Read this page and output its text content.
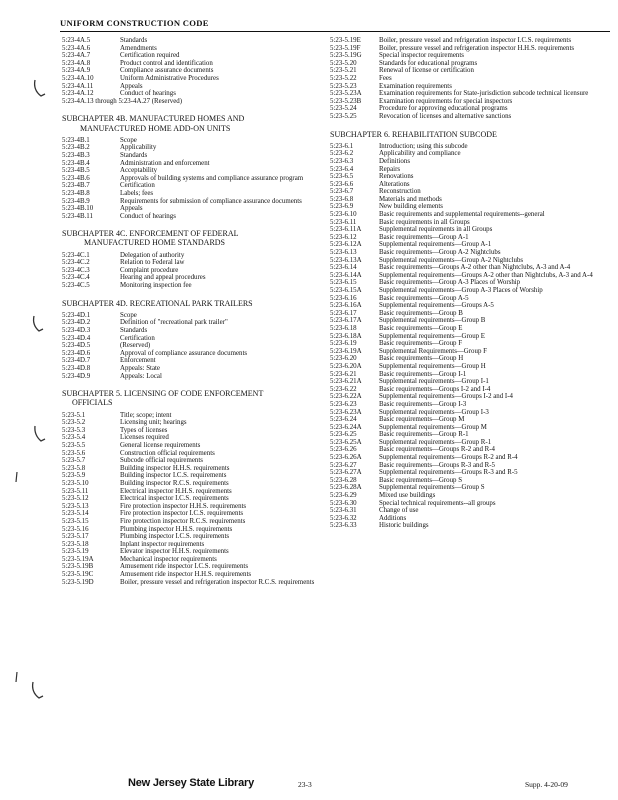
UNIFORM CONSTRUCTION CODE
5:23-4A.5	Standards
5:23-4A.6	Amendments
5:23-4A.7	Certification required
5:23-4A.8	Product control and identification
5:23-4A.9	Compliance assurance documents
5:23-4A.10	Uniform Administrative Procedures
5:23-4A.11	Appeals
5:23-4A.12	Conduct of hearings
5:23-4A.13 through 5:23-4A.27 (Reserved)
SUBCHAPTER 4B. MANUFACTURED HOMES AND
MANUFACTURED HOME ADD-ON UNITS
5:23-4B.1	Scope
5:23-4B.2	Applicability
5:23-4B.3	Standards
5:23-4B.4	Administration and enforcement
5:23-4B.5	Acceptability
5:23-4B.6	Approvals of building systems and compliance assurance program
5:23-4B.7	Certification
5:23-4B.8	Labels; fees
5:23-4B.9	Requirements for submission of compliance assurance documents
5:23-4B.10	Appeals
5:23-4B.11	Conduct of hearings
SUBCHAPTER 4C. ENFORCEMENT OF FEDERAL
MANUFACTURED HOME STANDARDS
5:23-4C.1	Delegation of authority
5:23-4C.2	Relation to Federal law
5:23-4C.3	Complaint procedure
5:23-4C.4	Hearing and appeal procedures
5:23-4C.5	Monitoring inspection fee
SUBCHAPTER 4D. RECREATIONAL PARK TRAILERS
5:23-4D.1	Scope
5:23-4D.2	Definition of "recreational park trailer"
5:23-4D.3	Standards
5:23-4D.4	Certification
5:23-4D.5	(Reserved)
5:23-4D.6	Approval of compliance assurance documents
5:23-4D.7	Enforcement
5:23-4D.8	Appeals: State
5:23-4D.9	Appeals: Local
SUBCHAPTER 5. LICENSING OF CODE ENFORCEMENT
OFFICIALS
5:23-5.1	Title; scope; intent
5:23-5.2	Licensing unit; hearings
5:23-5.3	Types of licenses
5:23-5.4	Licenses required
5:23-5.5	General license requirements
5:23-5.6	Construction official requirements
5:23-5.7	Subcode official requirements
5:23-5.8	Building inspector H.H.S. requirements
5:23-5.9	Building inspector I.C.S. requirements
5:23-5.10	Building inspector R.C.S. requirements
5:23-5.11	Electrical inspector H.H.S. requirements
5:23-5.12	Electrical inspector I.C.S. requirements
5:23-5.13	Fire protection inspector H.H.S. requirements
5:23-5.14	Fire protection inspector I.C.S. requirements
5:23-5.15	Fire protection inspector R.C.S. requirements
5:23-5.16	Plumbing inspector H.H.S. requirements
5:23-5.17	Plumbing inspector I.C.S. requirements
5:23-5.18	Inplant inspector requirements
5:23-5.19	Elevator inspector H.H.S. requirements
5:23-5.19A	Mechanical inspector requirements
5:23-5.19B	Amusement ride inspector I.C.S. requirements
5:23-5.19C	Amusement ride inspector H.H.S. requirements
5:23-5.19D	Boiler, pressure vessel and refrigeration inspector R.C.S. requirements
5:23-5.19E	Boiler, pressure vessel and refrigeration inspector I.C.S. requirements
5:23-5.19F	Boiler, pressure vessel and refrigeration inspector H.H.S. requirements
5:23-5.19G	Special inspector requirements
5:23-5.20	Standards for educational programs
5:23-5.21	Renewal of license or certification
5:23-5.22	Fees
5:23-5.23	Examination requirements
5:23-5.23A	Examination requirements for State-jurisdiction subcode technical licensure
5:23-5.23B	Examination requirements for special inspectors
5:23-5.24	Procedure for approving educational programs
5:23-5.25	Revocation of licenses and alternative sanctions
SUBCHAPTER 6. REHABILITATION SUBCODE
5:23-6.1	Introduction; using this subcode
5:23-6.2	Applicability and compliance
5:23-6.3	Definitions
5:23-6.4	Repairs
5:23-6.5	Renovations
5:23-6.6	Alterations
5:23-6.7	Reconstruction
5:23-6.8	Materials and methods
5:23-6.9	New building elements
5:23-6.10	Basic requirements and supplemental requirements--general
5:23-6.11	Basic requirements in all Groups
5:23-6.11A	Supplemental requirements in all Groups
5:23-6.12	Basic requirements—Group A-1
5:23-6.12A	Supplemental requirements—Group A-1
5:23-6.13	Basic requirements—Group A-2 Nightclubs
5:23-6.13A	Supplemental requirements—Group A-2 Nightclubs
5:23-6.14	Basic requirements—Groups A-2 other than Nightclubs, A-3 and A-4
5:23-6.14A	Supplemental requirements—Groups A-2 other than Nightclubs, A-3 and A-4
5:23-6.15	Basic requirements—Group A-3 Places of Worship
5:23-6.15A	Supplemental requirements—Group A-3 Places of Worship
5:23-6.16	Basic requirements—Group A-5
5:23-6.16A	Supplemental requirements—Groups A-5
5:23-6.17	Basic requirements—Group B
5:23-6.17A	Supplemental requirements—Group B
5:23-6.18	Basic requirements—Group E
5:23-6.18A	Supplemental requirements—Group E
5:23-6.19	Basic requirements—Group F
5:23-6.19A	Supplemental Requirements—Group F
5:23-6.20	Basic requirements—Group H
5:23-6.20A	Supplemental requirements—Group H
5:23-6.21	Basic requirements—Group I-1
5:23-6.21A	Supplemental requirements—Group I-1
5:23-6.22	Basic requirements—Groups I-2 and I-4
5:23-6.22A	Supplemental requirements—Groups I-2 and I-4
5:23-6.23	Basic requirements—Group I-3
5:23-6.23A	Supplemental requirements—Group I-3
5:23-6.24	Basic requirements—Group M
5:23-6.24A	Supplemental requirements—Group M
5:23-6.25	Basic requirements—Group R-1
5:23-6.25A	Supplemental requirements—Group R-1
5:23-6.26	Basic requirements—Groups R-2 and R-4
5:23-6.26A	Supplemental requirements—Groups R-2 and R-4
5:23-6.27	Basic requirements—Groups R-3 and R-5
5:23-6.27A	Supplemental requirements—Groups R-3 and R-5
5:23-6.28	Basic requirements—Group S
5:23-6.28A	Supplemental requirements—Group S
5:23-6.29	Mixed use buildings
5:23-6.30	Special technical requirements--all groups
5:23-6.31	Change of use
5:23-6.32	Additions
5:23-6.33	Historic buildings
New Jersey State Library	23-3	Supp. 4-20-09
